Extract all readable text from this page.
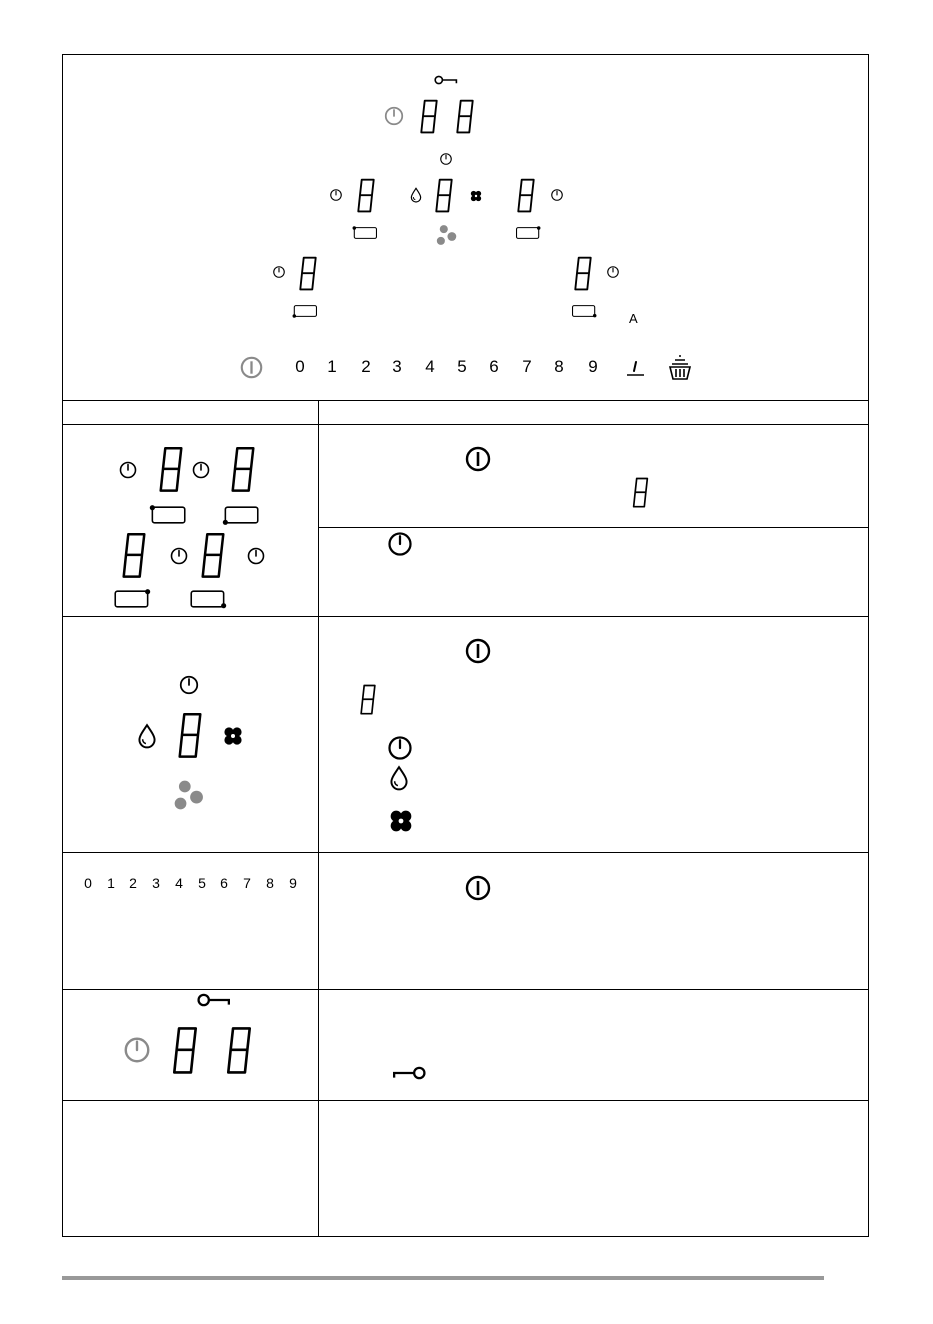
A
0	1	2	3	4	5	6	7	8	9
0	1	2	3	4	5	6	7	8	9
